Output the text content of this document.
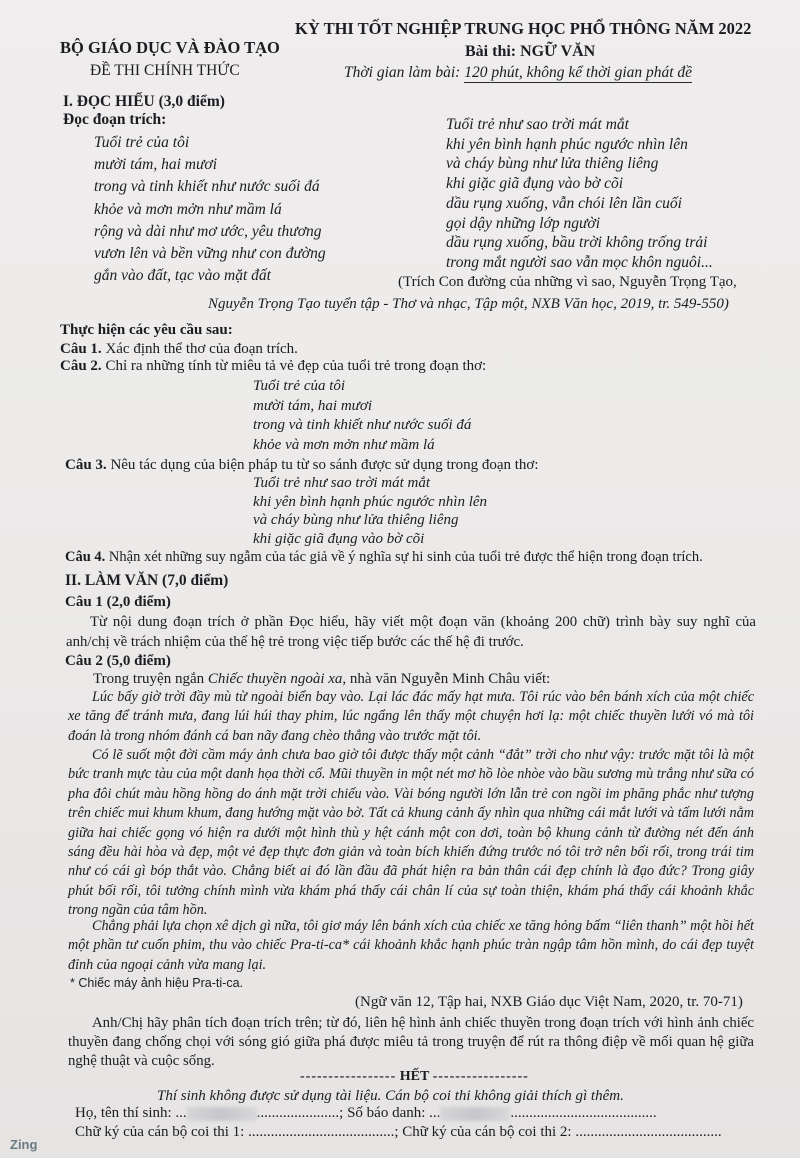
BỘ GIÁO DỤC VÀ ĐÀO TẠO
KỲ THI TỐT NGHIỆP TRUNG HỌC PHỔ THÔNG NĂM 2022
Bài thi: NGỮ VĂN
ĐỀ THI CHÍNH THỨC	Thời gian làm bài: 120 phút, không kể thời gian phát đề
I. ĐỌC HIỂU (3,0 điểm)
Đọc đoạn trích:
Tuổi trẻ của tôi
mười tám, hai mươi
trong và tinh khiết như nước suối đá
khỏe và mơn mởn như mầm lá
rộng và dài như mơ ước, yêu thương
vươn lên và bền vững như con đường
gắn vào đất, tạc vào mặt đất
Tuổi trẻ như sao trời mát mắt
khi yên bình hạnh phúc ngước nhìn lên
và cháy bùng như lửa thiêng liêng
khi giặc giã đụng vào bờ cõi
dầu rụng xuống, vẫn chói lên lần cuối
gọi dậy những lớp người
dầu rụng xuống, bầu trời không trống trải
trong mắt người sao vẫn mọc khôn nguôi...
(Trích Con đường của những vì sao, Nguyễn Trọng Tạo,
Nguyễn Trọng Tạo tuyển tập - Thơ và nhạc, Tập một, NXB Văn học, 2019, tr. 549-550)
Thực hiện các yêu cầu sau:
Câu 1. Xác định thể thơ của đoạn trích.
Câu 2. Chỉ ra những tính từ miêu tả vẻ đẹp của tuổi trẻ trong đoạn thơ:
Tuổi trẻ của tôi
mười tám, hai mươi
trong và tinh khiết như nước suối đá
khỏe và mơn mởn như mầm lá
Câu 3. Nêu tác dụng của biện pháp tu từ so sánh được sử dụng trong đoạn thơ:
Tuổi trẻ như sao trời mát mắt
khi yên bình hạnh phúc ngước nhìn lên
và cháy bùng như lửa thiêng liêng
khi giặc giã đụng vào bờ cõi
Câu 4. Nhận xét những suy ngẫm của tác giả về ý nghĩa sự hi sinh của tuổi trẻ được thể hiện trong đoạn trích.
II. LÀM VĂN (7,0 điểm)
Câu 1 (2,0 điểm)
Từ nội dung đoạn trích ở phần Đọc hiểu, hãy viết một đoạn văn (khoảng 200 chữ) trình bày suy nghĩ của anh/chị về trách nhiệm của thế hệ trẻ trong việc tiếp bước các thế hệ đi trước.
Câu 2 (5,0 điểm)
Trong truyện ngắn Chiếc thuyền ngoài xa, nhà văn Nguyễn Minh Châu viết:
Lúc bấy giờ trời đầy mù từ ngoài biển bay vào. Lại lác đác mấy hạt mưa. Tôi rúc vào bên bánh xích của một chiếc xe tăng để tránh mưa, đang lúi húi thay phim, lúc ngẩng lên thấy một chuyện hơi lạ: một chiếc thuyền lưới vó mà tôi đoán là trong nhóm đánh cá ban nãy đang chèo thẳng vào trước mặt tôi.
Có lẽ suốt một đời cầm máy ảnh chưa bao giờ tôi được thấy một cảnh “đắt” trời cho như vậy: trước mặt tôi là một bức tranh mực tàu của một danh họa thời cổ. Mũi thuyền in một nét mơ hồ lòe nhòe vào bầu sương mù trắng như sữa có pha đôi chút màu hồng hồng do ánh mặt trời chiếu vào. Vài bóng người lớn lẫn trẻ con ngồi im phăng phắc như tượng trên chiếc mui khum khum, đang hướng mặt vào bờ. Tất cả khung cảnh ấy nhìn qua những cái mắt lưới và tấm lưới nằm giữa hai chiếc gọng vó hiện ra dưới một hình thù y hệt cánh một con dơi, toàn bộ khung cảnh từ đường nét đến ánh sáng đều hài hòa và đẹp, một vẻ đẹp thực đơn giản và toàn bích khiến đứng trước nó tôi trở nên bối rối, trong trái tim như có cái gì bóp thắt vào. Chẳng biết ai đó lần đầu đã phát hiện ra bản thân cái đẹp chính là đạo đức? Trong giây phút bối rối, tôi tưởng chính mình vừa khám phá thấy cái chân lí của sự toàn thiện, khám phá thấy cái khoảnh khắc trong ngần của tâm hồn.
Chẳng phải lựa chọn xê dịch gì nữa, tôi giơ máy lên bánh xích của chiếc xe tăng hỏng bấm “liên thanh” một hồi hết một phần tư cuốn phim, thu vào chiếc Pra-ti-ca* cái khoảnh khắc hạnh phúc tràn ngập tâm hồn mình, do cái đẹp tuyệt đỉnh của ngoại cảnh vừa mang lại.
* Chiếc máy ảnh hiệu Pra-ti-ca.
(Ngữ văn 12, Tập hai, NXB Giáo dục Việt Nam, 2020, tr. 70-71)
Anh/Chị hãy phân tích đoạn trích trên; từ đó, liên hệ hình ảnh chiếc thuyền trong đoạn trích với hình ảnh chiếc thuyền đang chống chọi với sóng gió giữa phá được miêu tả trong truyện để rút ra thông điệp về mối quan hệ giữa nghệ thuật và cuộc sống.
----------------- HẾT -----------------
Thí sinh không được sử dụng tài liệu. Cán bộ coi thi không giải thích gì thêm.
Họ, tên thí sinh: ...	......................; Số báo danh: ...	.......................................
Chữ ký của cán bộ coi thi 1: .......................................; Chữ ký của cán bộ coi thi 2: .......................................
Zing
